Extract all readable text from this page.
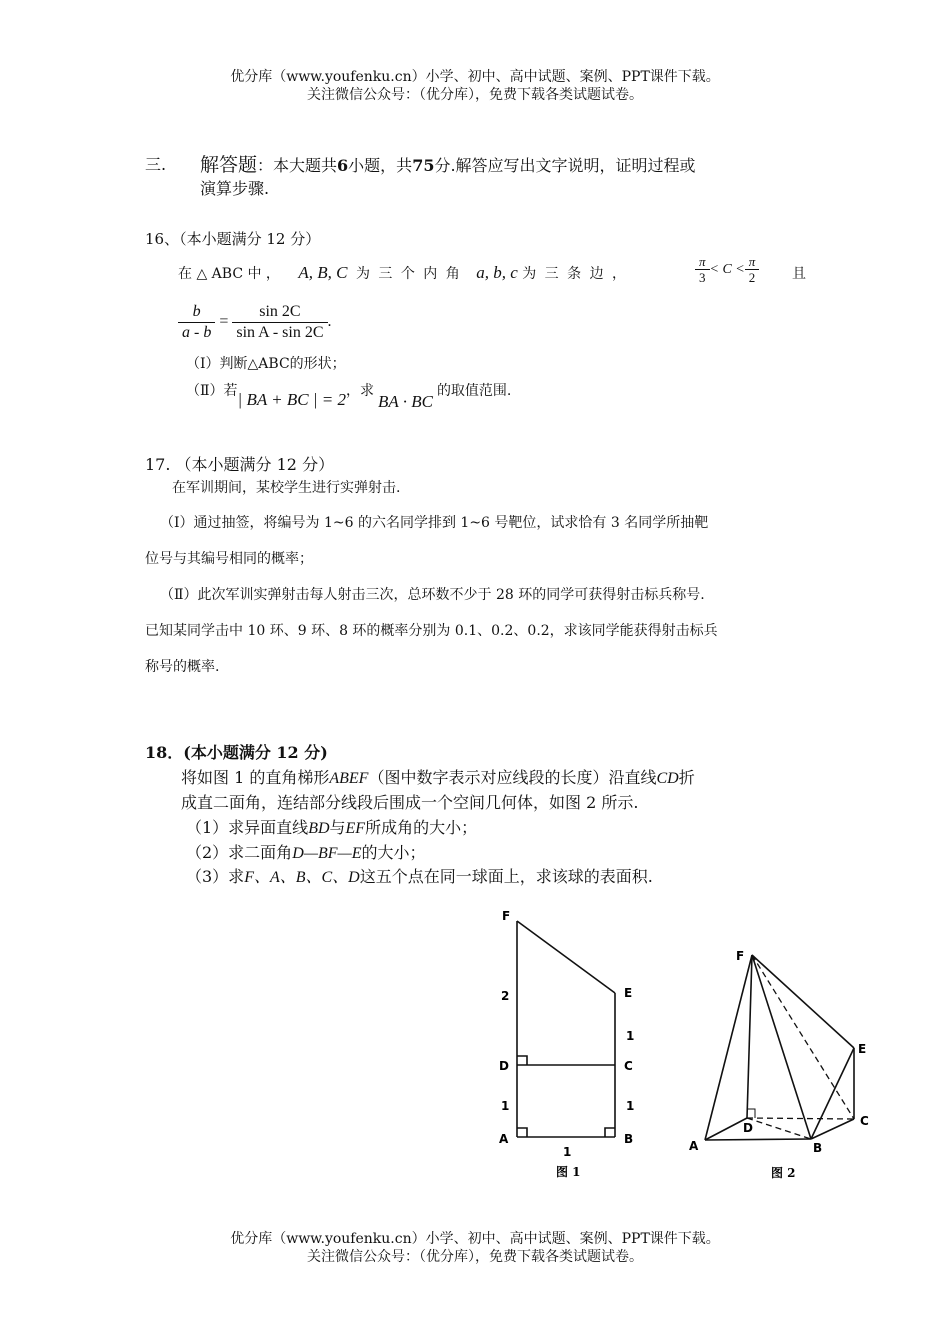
优分库（www.youfenku.cn）小学、初中、高中试题、案例、PPT课件下载。
关注微信公众号：（优分库），免费下载各类试题试卷。
三. 解答题：本大题共6小题，共75分.解答应写出文字说明，证明过程或
演算步骤.
16、（本小题满分 12 分）
在 △ ABC 中 ， A, B, C 为 三 个 内 角 a, b, c 为 三 条 边 ，	$\frac{\pi}{3} < C < \frac{\pi}{2}$ 且
$\frac{b}{a - b} = \frac{\sin 2C}{\text{sin A - sin 2C}}$ .
（Ⅰ）判断△ABC的形状；
（Ⅱ）若| BA + BC | = 2，求BA · BC的取值范围.
17. （本小题满分 12 分）
在军训期间，某校学生进行实弹射击.
（Ⅰ）通过抽签，将编号为 1~6 的六名同学排到 1~6 号靶位，试求恰有 3 名同学所抽靶
位号与其编号相同的概率；
（Ⅱ）此次军训实弹射击每人射击三次，总环数不少于 28 环的同学可获得射击标兵称号.
已知某同学击中 10 环、9 环、8 环的概率分别为 0.1、0.2、0.2，求该同学能获得射击标兵
称号的概率.
18．(本小题满分 12 分)
将如图 1 的直角梯形ABEF（图中数字表示对应线段的长度）沿直线CD折
成直二面角，连结部分线段后围成一个空间几何体，如图 2 所示.
（1）求异面直线BD与EF所成角的大小；
（2）求二面角D—BF—E的大小；
（3）求F、A、B、C、D这五个点在同一球面上，求该球的表面积.
F
E
D	C
A	B
2
1
1	1
1
图 1
F
E
D	C
A	B
图 2
优分库（www.youfenku.cn）小学、初中、高中试题、案例、PPT课件下载。
关注微信公众号：（优分库），免费下载各类试题试卷。
